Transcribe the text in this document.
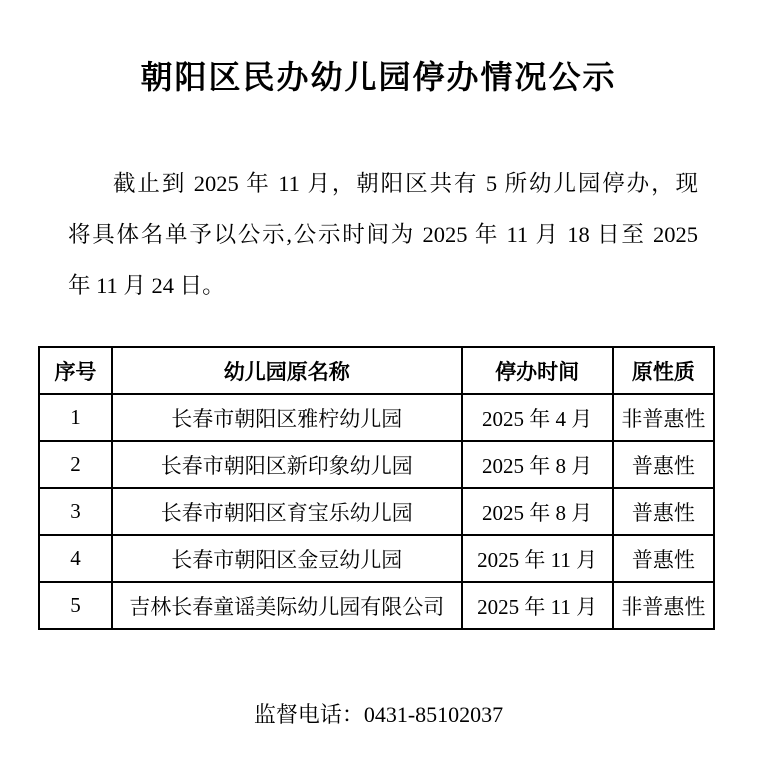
朝阳区民办幼儿园停办情况公示
截止到 2025 年 11 月，朝阳区共有 5 所幼儿园停办，现
将具体名单予以公示,公示时间为 2025 年 11 月 18 日至 2025
年 11 月 24 日。
序号	幼儿园原名称	停办时间	原性质
1	长春市朝阳区雅柠幼儿园	2025 年 4 月	非普惠性
2	长春市朝阳区新印象幼儿园	2025 年 8 月	普惠性
3	长春市朝阳区育宝乐幼儿园	2025 年 8 月	普惠性
4	长春市朝阳区金豆幼儿园	2025 年 11 月	普惠性
5	吉林长春童谣美际幼儿园有限公司	2025 年 11 月	非普惠性
监督电话：0431-85102037
